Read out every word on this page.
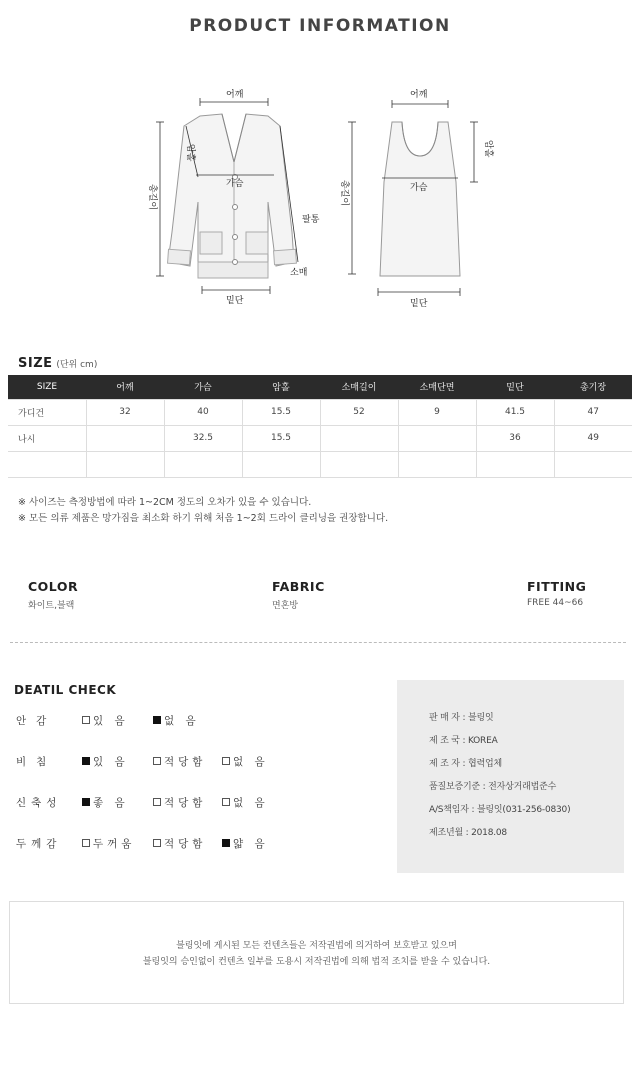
PRODUCT INFORMATION
어깨
암홀
가슴
총길이
팔통
소매
밑단
어깨
암홀
가슴
총길이
밑단
SIZE (단위 cm)
SIZE	어깨	가슴	암홀	소매길이	소매단면	밑단	총기장
가디건	32	40	15.5	52	9	41.5	47
나시		32.5	15.5			36	49

※ 사이즈는 측정방법에 따라 1~2CM 정도의 오차가 있을 수 있습니다.
※ 모든 의류 제품은 망가짐을 최소화 하기 위해 처음 1~2회 드라이 클리닝을 권장합니다.
COLOR
화이트,블랙
FABRIC
면혼방
FITTING
FREE 44~66
DEATIL CHECK
안감	있 음	없 음
비침	있 음	적당함	없 음
신축성	좋 음	적당함	없 음
두께감	두꺼움	적당함	얇 음
판 매 자 : 블링잇
제 조 국 : KOREA
제 조 자 : 협력업체
품질보증기준 : 전자상거래법준수
A/S책임자 : 블링잇(031-256-0830)
제조년월 : 2018.08
블링잇에 게시된 모든 컨텐츠들은 저작권법에 의거하여 보호받고 있으며
블링잇의 승인없이 컨텐츠 일부를 도용시 저작권법에 의해 법적 조치를 받을 수 있습니다.
